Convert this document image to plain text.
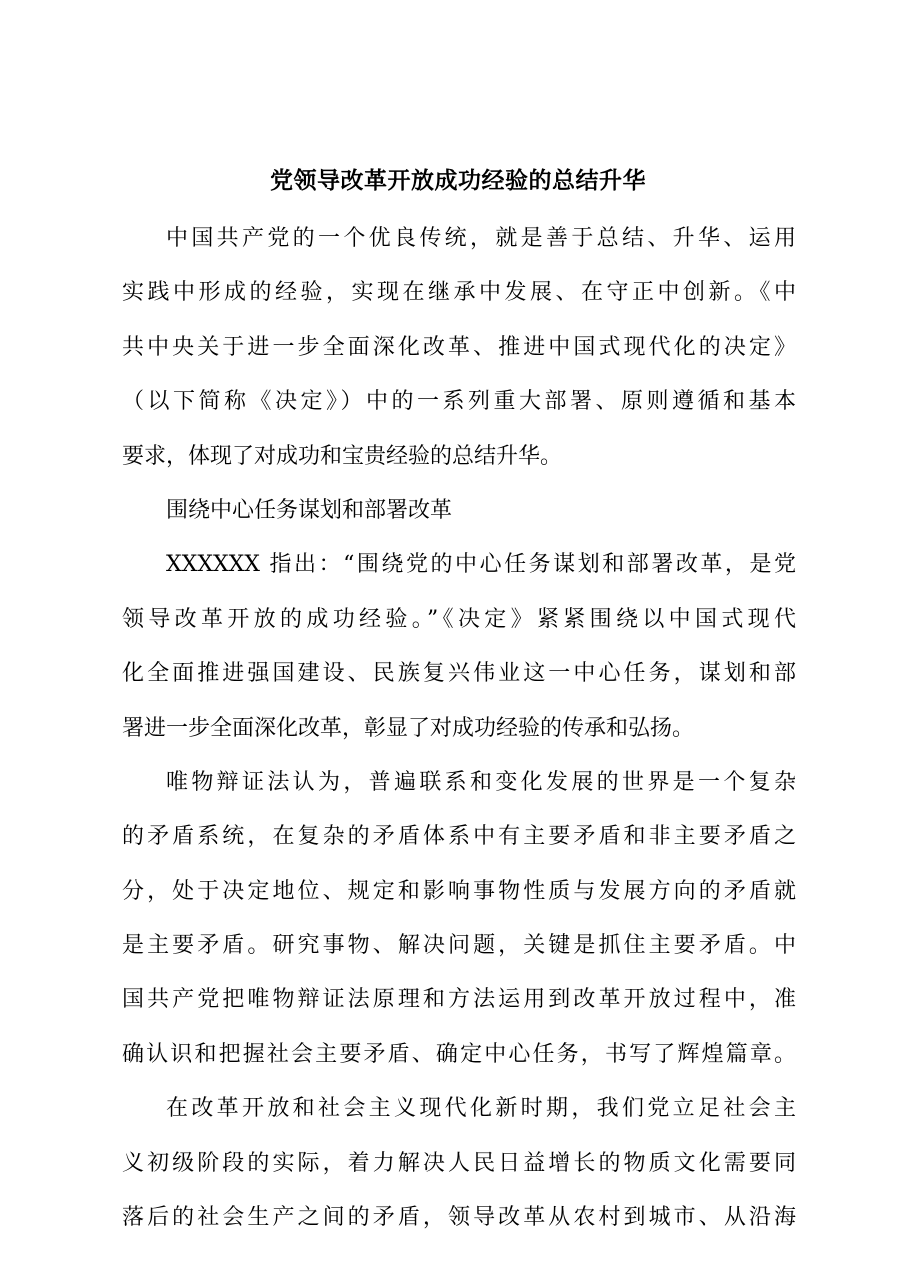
党领导改革开放成功经验的总结升华
中国共产党的一个优良传统，就是善于总结、升华、运用
实践中形成的经验，实现在继承中发展、在守正中创新。《中
共中央关于进一步全面深化改革、推进中国式现代化的决定》
（以下简称《决定》）中的一系列重大部署、原则遵循和基本
要求，体现了对成功和宝贵经验的总结升华。
围绕中心任务谋划和部署改革
XXXXXX 指出：“围绕党的中心任务谋划和部署改革，是党
领导改革开放的成功经验。”《决定》紧紧围绕以中国式现代
化全面推进强国建设、民族复兴伟业这一中心任务，谋划和部
署进一步全面深化改革，彰显了对成功经验的传承和弘扬。
唯物辩证法认为，普遍联系和变化发展的世界是一个复杂
的矛盾系统，在复杂的矛盾体系中有主要矛盾和非主要矛盾之
分，处于决定地位、规定和影响事物性质与发展方向的矛盾就
是主要矛盾。研究事物、解决问题，关键是抓住主要矛盾。中
国共产党把唯物辩证法原理和方法运用到改革开放过程中，准
确认识和把握社会主要矛盾、确定中心任务，书写了辉煌篇章。
在改革开放和社会主义现代化新时期，我们党立足社会主
义初级阶段的实际，着力解决人民日益增长的物质文化需要同
落后的社会生产之间的矛盾，领导改革从农村到城市、从沿海
